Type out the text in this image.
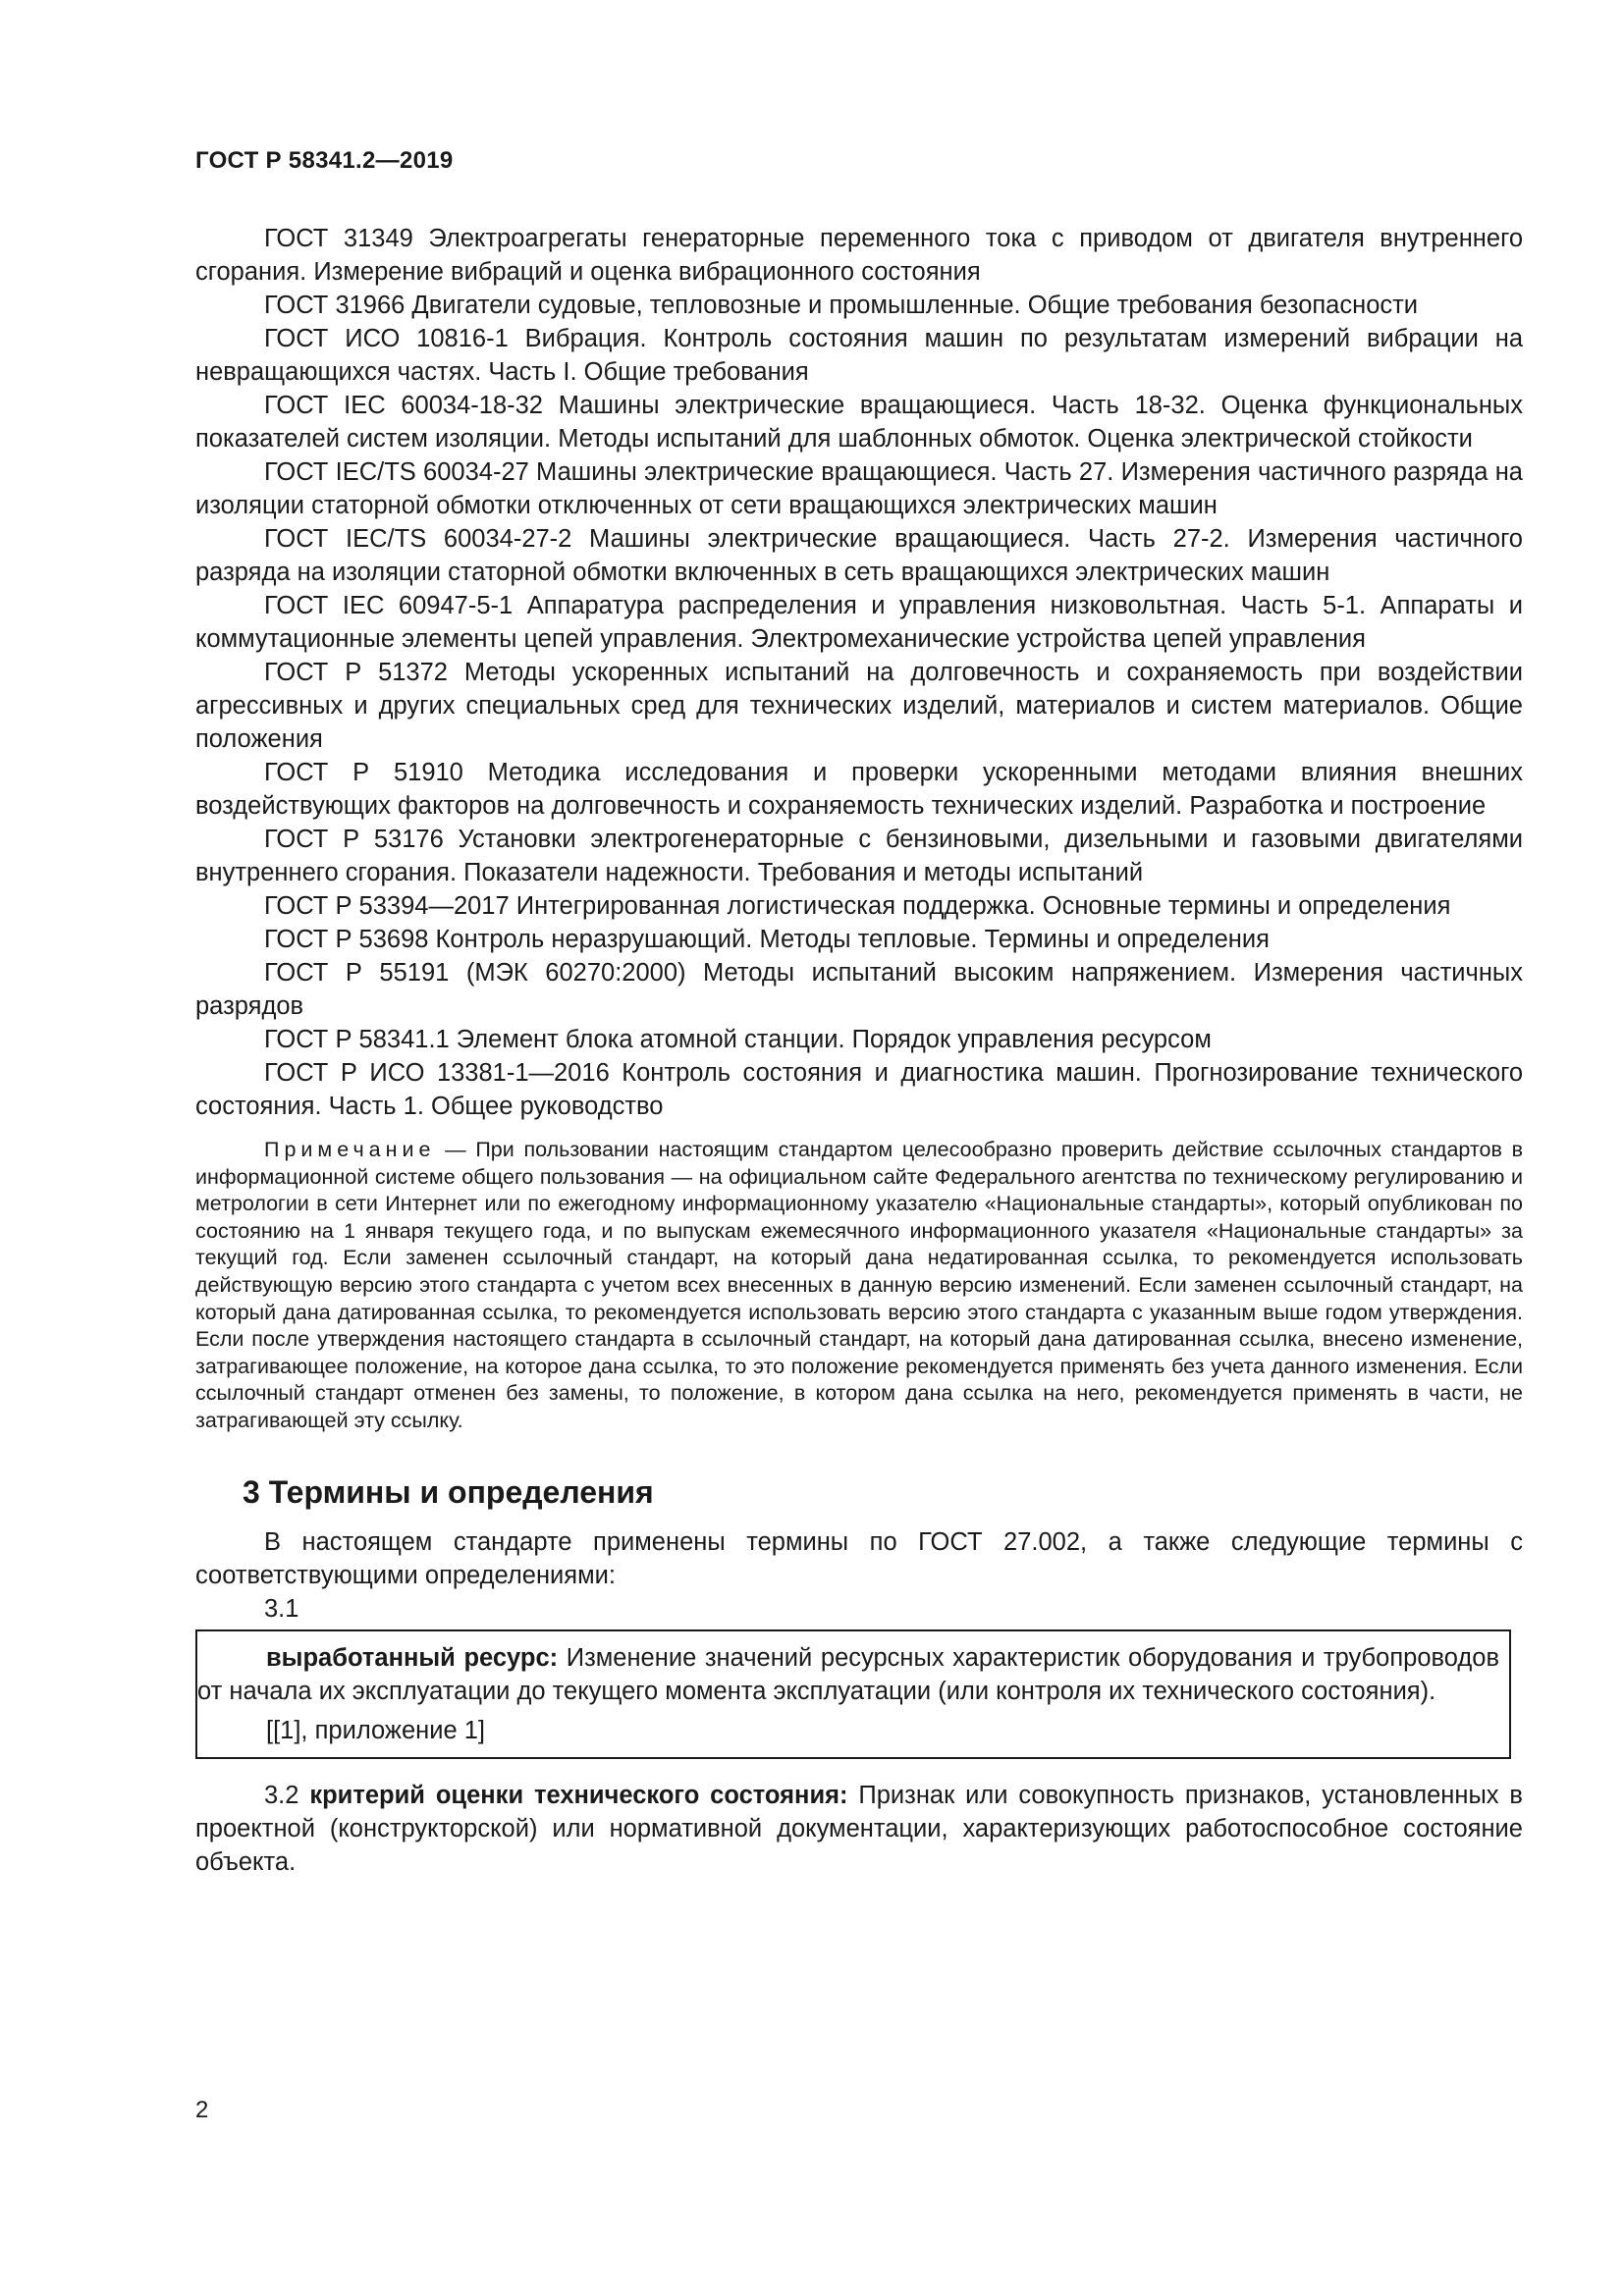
ГОСТ Р 58341.2—2019

ГОСТ 31349 Электроагрегаты генераторные переменного тока с приводом от двигателя внутреннего сгорания. Измерение вибраций и оценка вибрационного состояния

ГОСТ 31966 Двигатели судовые, тепловозные и промышленные. Общие требования безопасности

ГОСТ ИСО 10816-1 Вибрация. Контроль состояния машин по результатам измерений вибрации на невращающихся частях. Часть I. Общие требования

ГОСТ IEC 60034-18-32 Машины электрические вращающиеся. Часть 18-32. Оценка функциональных показателей систем изоляции. Методы испытаний для шаблонных обмоток. Оценка электрической стойкости

ГОСТ IEC/TS 60034-27 Машины электрические вращающиеся. Часть 27. Измерения частичного разряда на изоляции статорной обмотки отключенных от сети вращающихся электрических машин

ГОСТ IEC/TS 60034-27-2 Машины электрические вращающиеся. Часть 27-2. Измерения частичного разряда на изоляции статорной обмотки включенных в сеть вращающихся электрических машин

ГОСТ IEC 60947-5-1 Аппаратура распределения и управления низковольтная. Часть 5-1. Аппараты и коммутационные элементы цепей управления. Электромеханические устройства цепей управления

ГОСТ Р 51372 Методы ускоренных испытаний на долговечность и сохраняемость при воздействии агрессивных и других специальных сред для технических изделий, материалов и систем материалов. Общие положения

ГОСТ Р 51910 Методика исследования и проверки ускоренными методами влияния внешних воздействующих факторов на долговечность и сохраняемость технических изделий. Разработка и построение

ГОСТ Р 53176 Установки электрогенераторные с бензиновыми, дизельными и газовыми двигателями внутреннего сгорания. Показатели надежности. Требования и методы испытаний

ГОСТ Р 53394—2017 Интегрированная логистическая поддержка. Основные термины и определения

ГОСТ Р 53698 Контроль неразрушающий. Методы тепловые. Термины и определения

ГОСТ Р 55191 (МЭК 60270:2000) Методы испытаний высоким напряжением. Измерения частичных разрядов

ГОСТ Р 58341.1 Элемент блока атомной станции. Порядок управления ресурсом

ГОСТ Р ИСО 13381-1—2016 Контроль состояния и диагностика машин. Прогнозирование технического состояния. Часть 1. Общее руководство

Примечание — При пользовании настоящим стандартом целесообразно проверить действие ссылочных стандартов в информационной системе общего пользования — на официальном сайте Федерального агентства по техническому регулированию и метрологии в сети Интернет или по ежегодному информационному указателю «Национальные стандарты», который опубликован по состоянию на 1 января текущего года, и по выпускам ежемесячного информационного указателя «Национальные стандарты» за текущий год. Если заменен ссылочный стандарт, на который дана недатированная ссылка, то рекомендуется использовать действующую версию этого стандарта с учетом всех внесенных в данную версию изменений. Если заменен ссылочный стандарт, на который дана датированная ссылка, то рекомендуется использовать версию этого стандарта с указанным выше годом утверждения. Если после утверждения настоящего стандарта в ссылочный стандарт, на который дана датированная ссылка, внесено изменение, затрагивающее положение, на которое дана ссылка, то это положение рекомендуется применять без учета данного изменения. Если ссылочный стандарт отменен без замены, то положение, в котором дана ссылка на него, рекомендуется применять в части, не затрагивающей эту ссылку.

3 Термины и определения

В настоящем стандарте применены термины по ГОСТ 27.002, а также следующие термины с соответствующими определениями:

3.1

выработанный ресурс: Изменение значений ресурсных характеристик оборудования и трубопроводов от начала их эксплуатации до текущего момента эксплуатации (или контроля их технического состояния).

[[1], приложение 1]

3.2 критерий оценки технического состояния: Признак или совокупность признаков, установленных в проектной (конструкторской) или нормативной документации, характеризующих работоспособное состояние объекта.

2
